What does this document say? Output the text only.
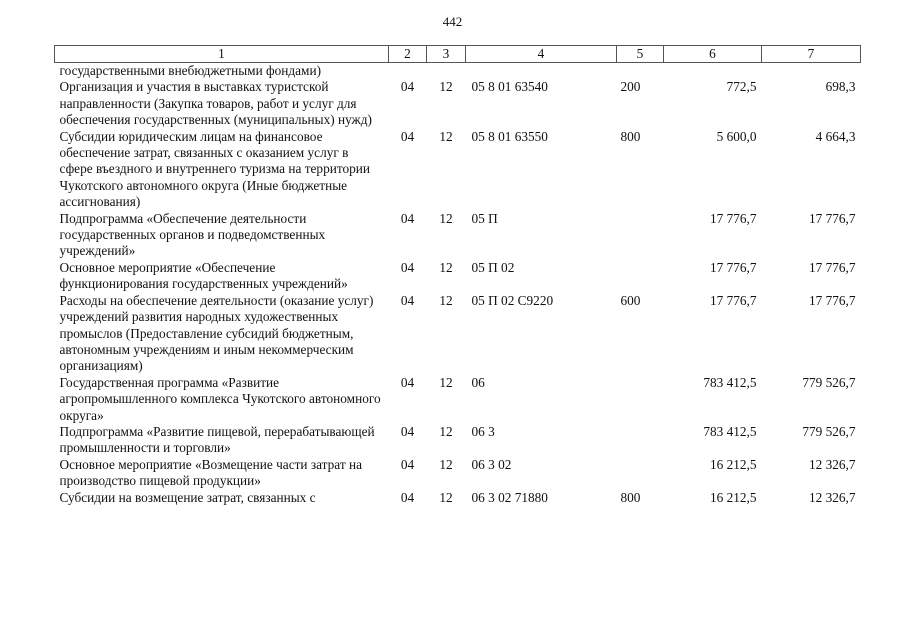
442
1	2	3	4	5	6	7
государственными внебюджетными фондами)						
Организация и участия в выставках туристской направленности (Закупка товаров, работ и услуг для обеспечения государственных (муниципальных) нужд)	04	12	05 8 01 63540	200	772,5	698,3
Субсидии юридическим лицам на финансовое обеспечение затрат, связанных с оказанием услуг в сфере въездного и внутреннего туризма на территории Чукотского автономного округа (Иные бюджетные ассигнования)	04	12	05 8 01 63550	800	5 600,0	4 664,3
Подпрограмма «Обеспечение деятельности государственных органов и подведомственных учреждений»	04	12	05 П		17 776,7	17 776,7
Основное мероприятие «Обеспечение функционирования государственных учреждений»	04	12	05 П 02		17 776,7	17 776,7
Расходы на обеспечение деятельности (оказание услуг) учреждений развития народных художественных промыслов (Предоставление субсидий бюджетным, автономным учреждениям и иным некоммерческим организациям)	04	12	05 П 02 С9220	600	17 776,7	17 776,7
Государственная программа «Развитие агропромышленного комплекса Чукотского автономного округа»	04	12	06		783 412,5	779 526,7
Подпрограмма «Развитие пищевой, перерабатывающей промышленности и торговли»	04	12	06 3		783 412,5	779 526,7
Основное мероприятие «Возмещение части затрат на производство пищевой продукции»	04	12	06 3 02		16 212,5	12 326,7
Субсидии на возмещение затрат, связанных с	04	12	06 3 02 71880	800	16 212,5	12 326,7
